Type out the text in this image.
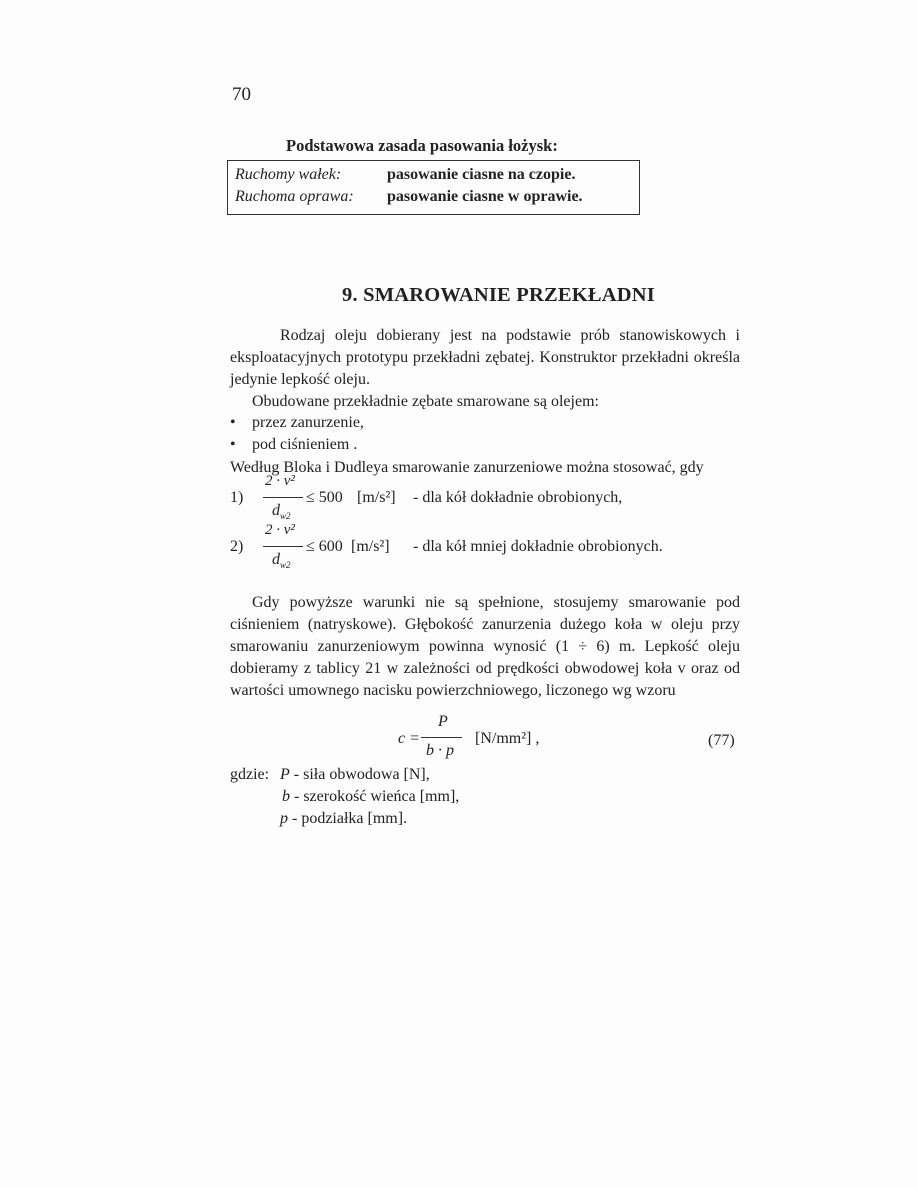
70
Podstawowa zasada pasowania łożysk:
Ruchomy wałek:	pasowanie ciasne na czopie.
Ruchoma oprawa: pasowanie ciasne w oprawie.
9. SMAROWANIE PRZEKŁADNI
Rodzaj oleju dobierany jest na podstawie prób stanowiskowych i eksploatacyjnych prototypu przekładni zębatej. Konstruktor przekładni określa jedynie lepkość oleju.
Obudowane przekładnie zębate smarowane są olejem:
• przez zanurzenie,
• pod ciśnieniem .
Według Bloka i Dudleya smarowanie zanurzeniowe można stosować, gdy
1)
2 · v²
$d_{w2}$
≤ 500 [m/s²] - dla kół dokładnie obrobionych,
2)
2 · v²
$d_{w2}$
≤ 600 [m/s²] - dla kół mniej dokładnie obrobionych.
Gdy powyższe warunki nie są spełnione, stosujemy smarowanie pod ciśnieniem (natryskowe). Głębokość zanurzenia dużego koła w oleju przy smarowaniu zanurzeniowym powinna wynosić (1 ÷ 6) m. Lepkość oleju dobieramy z tablicy 21 w zależności od prędkości obwodowej koła v oraz od wartości umownego nacisku powierzchniowego, liczonego wg wzoru
c =
P
b · p
[N/mm²] ,	(77)
gdzie: P - siła obwodowa [N],
b - szerokość wieńca [mm],
p - podziałka [mm].
